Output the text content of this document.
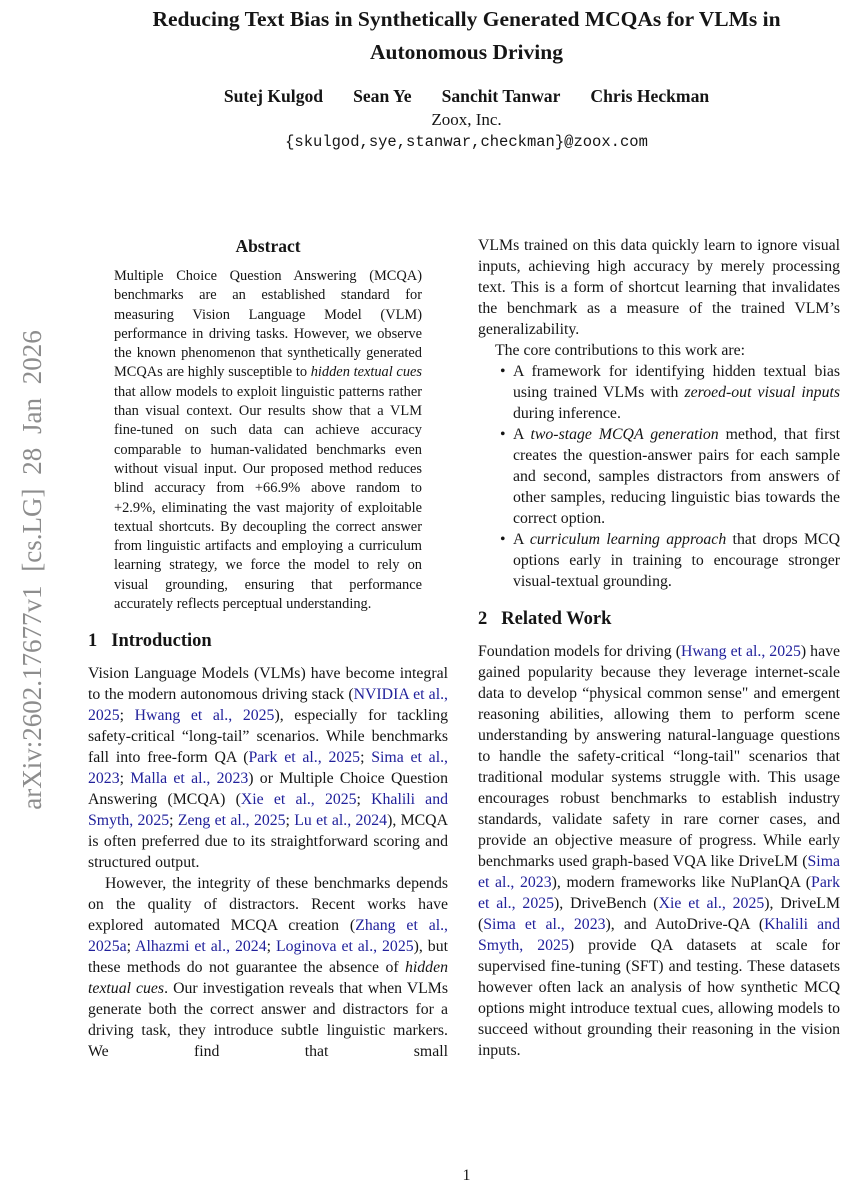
arXiv:2602.17677v1 [cs.LG] 28 Jan 2026
Reducing Text Bias in Synthetically Generated MCQAs for VLMs in
Autonomous Driving
Sutej Kulgod Sean Ye Sanchit Tanwar Chris Heckman
Zoox, Inc.
{skulgod,sye,stanwar,checkman}@zoox.com
Abstract

Multiple Choice Question Answering (MCQA) benchmarks are an established standard for measuring Vision Language Model (VLM) performance in driving tasks. However, we observe the known phenomenon that synthetically generated MCQAs are highly susceptible to hidden textual cues that allow models to exploit linguistic patterns rather than visual context. Our results show that a VLM fine-tuned on such data can achieve accuracy comparable to human-validated benchmarks even without visual input. Our proposed method reduces blind accuracy from +66.9% above random to +2.9%, eliminating the vast majority of exploitable textual shortcuts. By decoupling the correct answer from linguistic artifacts and employing a curriculum learning strategy, we force the model to rely on visual grounding, ensuring that performance accurately reflects perceptual understanding.

1 Introduction

Vision Language Models (VLMs) have become integral to the modern autonomous driving stack (NVIDIA et al., 2025; Hwang et al., 2025), especially for tackling safety-critical “long-tail” scenarios. While benchmarks fall into free-form QA (Park et al., 2025; Sima et al., 2023; Malla et al., 2023) or Multiple Choice Question Answering (MCQA) (Xie et al., 2025; Khalili and Smyth, 2025; Zeng et al., 2025; Lu et al., 2024), MCQA is often preferred due to its straightforward scoring and structured output.

However, the integrity of these benchmarks depends on the quality of distractors. Recent works have explored automated MCQA creation (Zhang et al., 2025a; Alhazmi et al., 2024; Loginova et al., 2025), but these methods do not guarantee the absence of hidden textual cues. Our investigation reveals that when VLMs generate both the correct answer and distractors for a driving task, they introduce subtle linguistic markers. We find that small

VLMs trained on this data quickly learn to ignore visual inputs, achieving high accuracy by merely processing text. This is a form of shortcut learning that invalidates the benchmark as a measure of the trained VLM’s generalizability.

The core contributions to this work are:

• A framework for identifying hidden textual bias using trained VLMs with zeroed-out visual inputs during inference.
• A two-stage MCQA generation method, that first creates the question-answer pairs for each sample and second, samples distractors from answers of other samples, reducing linguistic bias towards the correct option.
• A curriculum learning approach that drops MCQ options early in training to encourage stronger visual-textual grounding.
2 Related Work

Foundation models for driving (Hwang et al., 2025) have gained popularity because they leverage internet-scale data to develop “physical common sense" and emergent reasoning abilities, allowing them to perform scene understanding by answering natural-language questions to handle the safety-critical “long-tail" scenarios that traditional modular systems struggle with. This usage encourages robust benchmarks to establish industry standards, validate safety in rare corner cases, and provide an objective measure of progress. While early benchmarks used graph-based VQA like DriveLM (Sima et al., 2023), modern frameworks like NuPlanQA (Park et al., 2025), DriveBench (Xie et al., 2025), DriveLM (Sima et al., 2023), and AutoDrive-QA (Khalili and Smyth, 2025) provide QA datasets at scale for supervised fine-tuning (SFT) and testing. These datasets however often lack an analysis of how synthetic MCQ options might introduce textual cues, allowing models to succeed without grounding their reasoning in the vision inputs.

1
